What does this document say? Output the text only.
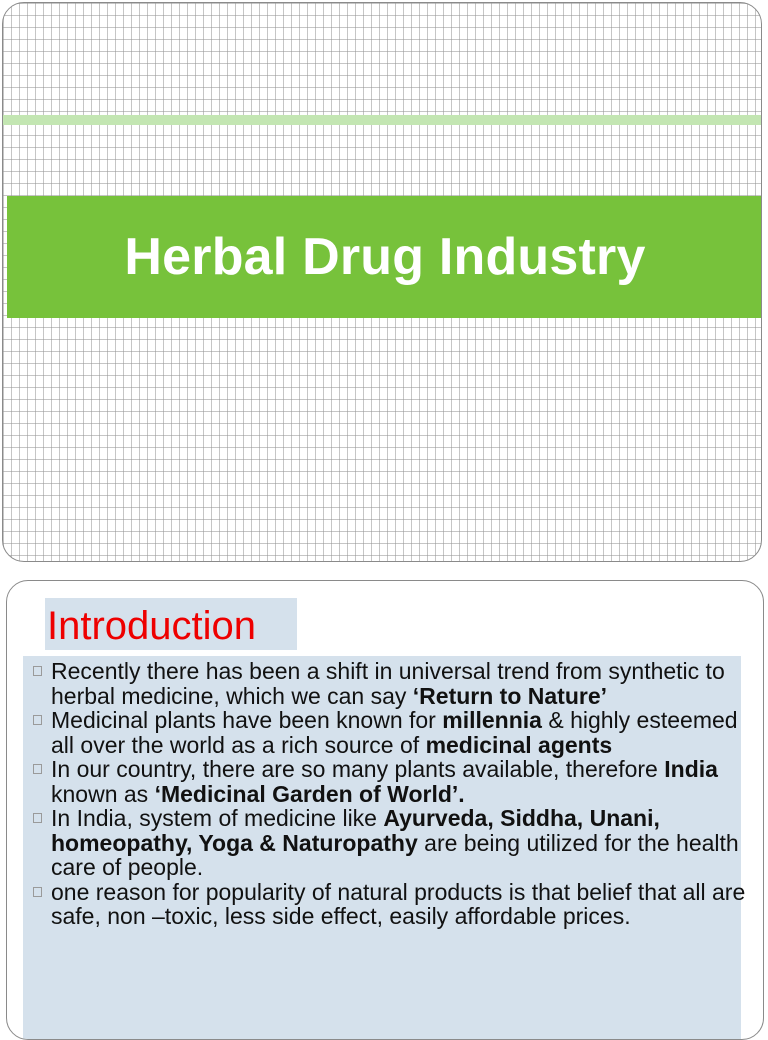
Herbal Drug Industry
Introduction
Recently there has been a shift in universal trend from synthetic to herbal medicine, which we can say ‘Return to Nature’
Medicinal plants have been known for millennia & highly esteemed all over the world as a rich source of medicinal agents
In our country, there are so many plants available, therefore India known as ‘Medicinal Garden of World’.
In India, system of medicine like Ayurveda, Siddha, Unani, homeopathy, Yoga & Naturopathy are being utilized for the health care of people.
one reason for popularity of natural products is that belief that all are safe, non –toxic, less side effect, easily affordable prices.
